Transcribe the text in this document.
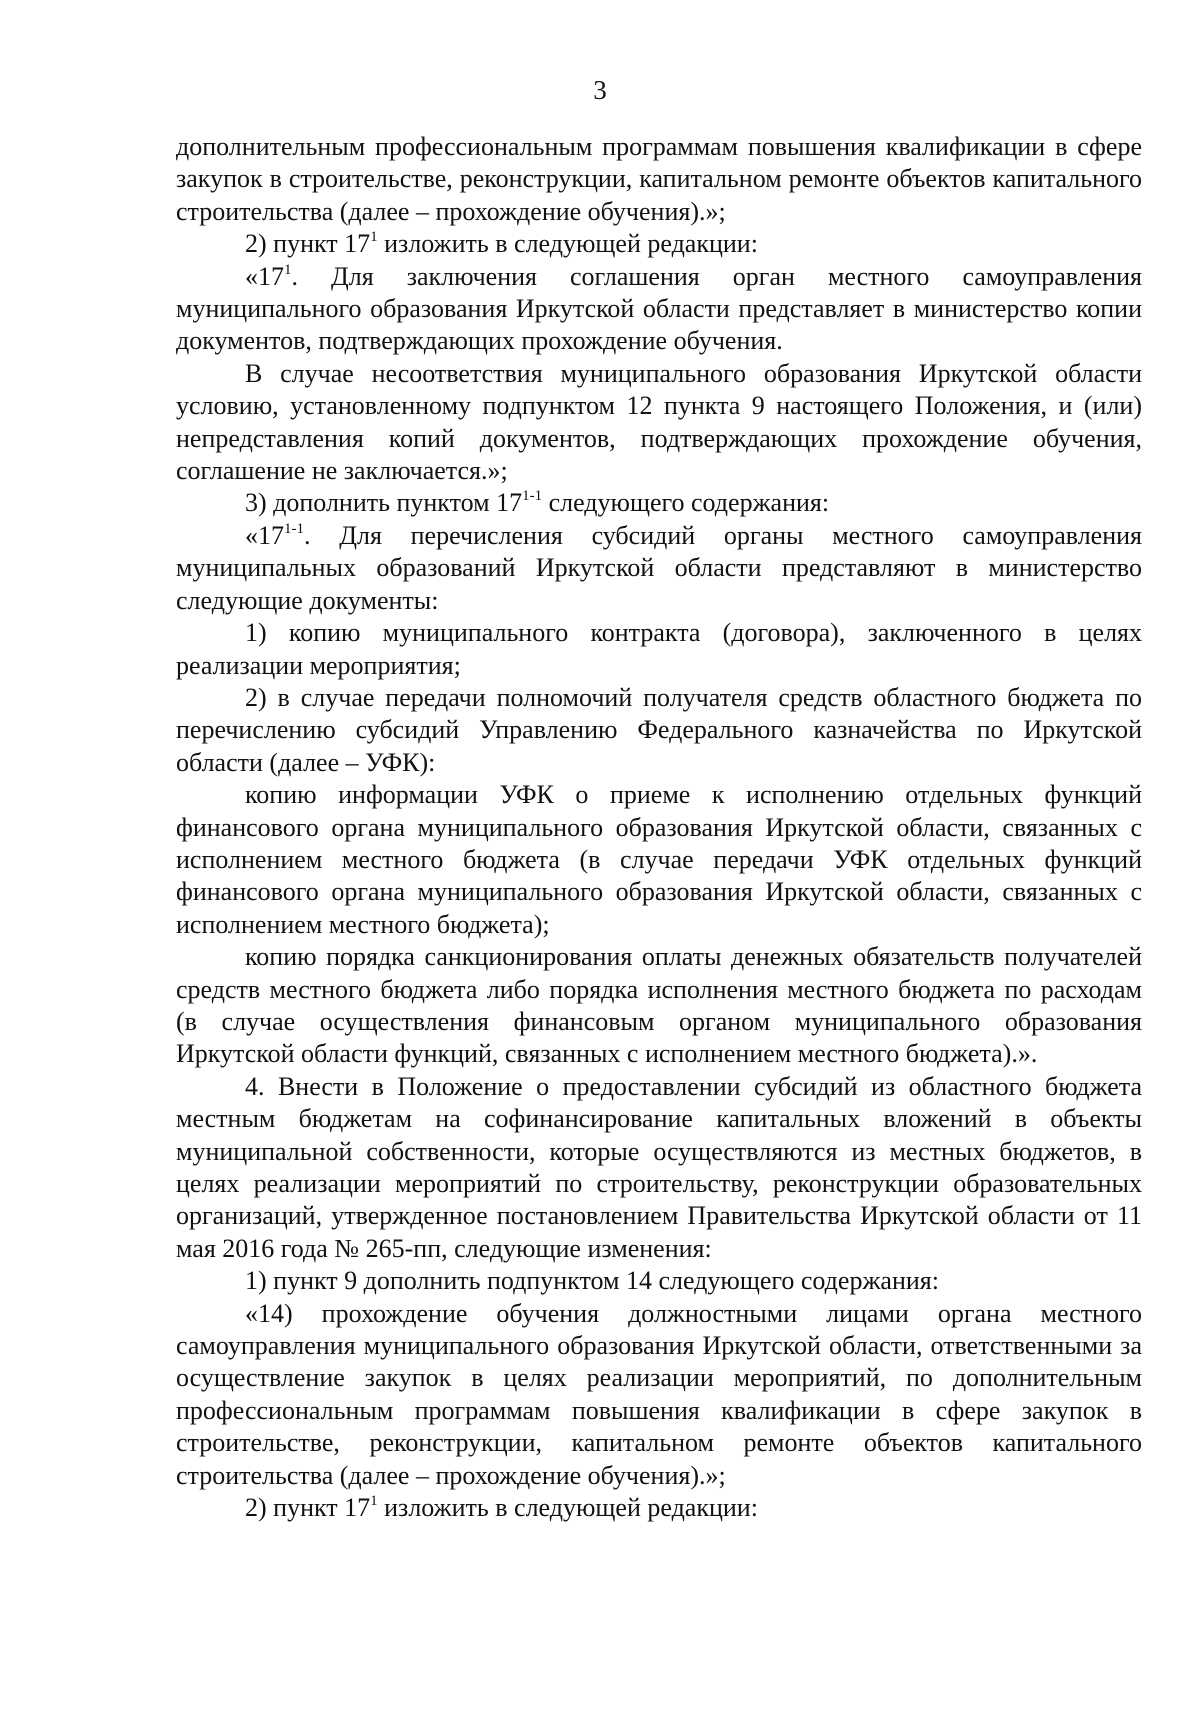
3

дополнительным профессиональным программам повышения квалификации в сфере закупок в строительстве, реконструкции, капитальном ремонте объектов капитального строительства (далее – прохождение обучения).»;

2) пункт $17^1$ изложить в следующей редакции:

«$17^1$. Для заключения соглашения орган местного самоуправления муниципального образования Иркутской области представляет в министерство копии документов, подтверждающих прохождение обучения.

В случае несоответствия муниципального образования Иркутской области условию, установленному подпунктом 12 пункта 9 настоящего Положения, и (или) непредставления копий документов, подтверждающих прохождение обучения, соглашение не заключается.»;

3) дополнить пунктом 17$^{1-1}$ следующего содержания:

«17$^{1-1}$. Для перечисления субсидий органы местного самоуправления муниципальных образований Иркутской области представляют в министерство следующие документы:

1) копию муниципального контракта (договора), заключенного в целях реализации мероприятия;

2) в случае передачи полномочий получателя средств областного бюджета по перечислению субсидий Управлению Федерального казначейства по Иркутской области (далее – УФК):

копию информации УФК о приеме к исполнению отдельных функций финансового органа муниципального образования Иркутской области, связанных с исполнением местного бюджета (в случае передачи УФК отдельных функций финансового органа муниципального образования Иркутской области, связанных с исполнением местного бюджета);

копию порядка санкционирования оплаты денежных обязательств получателей средств местного бюджета либо порядка исполнения местного бюджета по расходам (в случае осуществления финансовым органом муниципального образования Иркутской области функций, связанных с исполнением местного бюджета).».

4. Внести в Положение о предоставлении субсидий из областного бюджета местным бюджетам на софинансирование капитальных вложений в объекты муниципальной собственности, которые осуществляются из местных бюджетов, в целях реализации мероприятий по строительству, реконструкции образовательных организаций, утвержденное постановлением Правительства Иркутской области от 11 мая 2016 года № 265-пп, следующие изменения:

1) пункт 9 дополнить подпунктом 14 следующего содержания:

«14) прохождение обучения должностными лицами органа местного самоуправления муниципального образования Иркутской области, ответственными за осуществление закупок в целях реализации мероприятий, по дополнительным профессиональным программам повышения квалификации в сфере закупок в строительстве, реконструкции, капитальном ремонте объектов капитального строительства (далее – прохождение обучения).»;

2) пункт $17^1$ изложить в следующей редакции:
